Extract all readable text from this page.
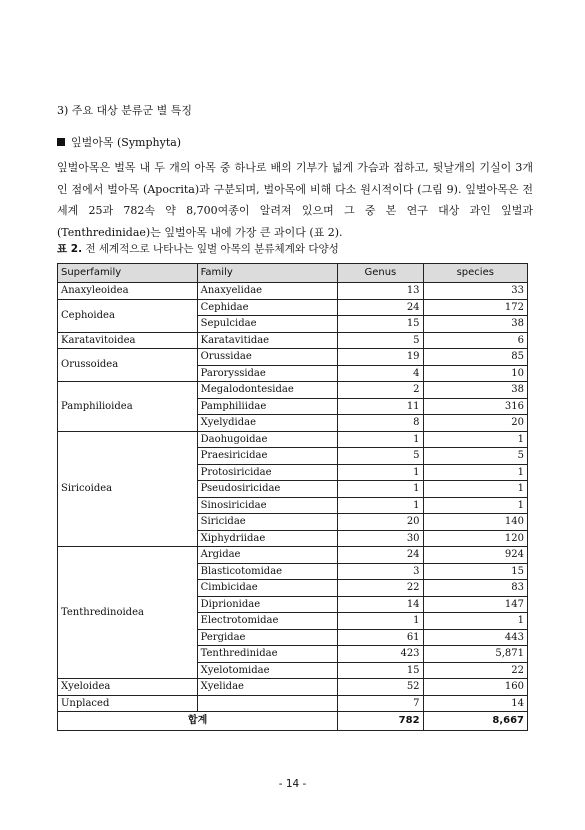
3) 주요 대상 분류군 별 특징
잎벌아목 (Symphyta)
잎벌아목은 벌목 내 두 개의 아목 중 하나로 배의 기부가 넓게 가슴과 접하고, 뒷날개의 기실이 3개인 점에서 벌아목 (Apocrita)과 구분되며, 벌아목에 비해 다소 원시적이다 (그림 9). 잎벌아목은 전세계 25과 782속 약 8,700여종이 알려져 있으며 그 중 본 연구 대상 과인 잎벌과 (Tenthredinidae)는 잎벌아목 내에 가장 큰 과이다 (표 2).
표 2. 전 세계적으로 나타나는 잎벌 아목의 분류체계와 다양성
Superfamily	Family	Genus	species
Anaxyleoidea	Anaxyelidae	13	33
Cephoidea	Cephidae	24	172
	Sepulcidae	15	38
Karatavitoidea	Karatavitidae	5	6
Orussoidea	Orussidae	19	85
	Paroryssidae	4	10
Pamphilioidea	Megalodontesidae	2	38
	Pamphiliidae	11	316
	Xyelydidae	8	20
Siricoidea	Daohugoidae	1	1
	Praesiricidae	5	5
	Protosiricidae	1	1
	Pseudosiricidae	1	1
	Sinosiricidae	1	1
	Siricidae	20	140
	Xiphydriidae	30	120
Tenthredinoidea	Argidae	24	924
	Blasticotomidae	3	15
	Cimbicidae	22	83
	Diprionidae	14	147
	Electrotomidae	1	1
	Pergidae	61	443
	Tenthredinidae	423	5,871
	Xyelotomidae	15	22
Xyeloidea	Xyelidae	52	160
Unplaced		7	14
합계		782	8,667
- 14 -
